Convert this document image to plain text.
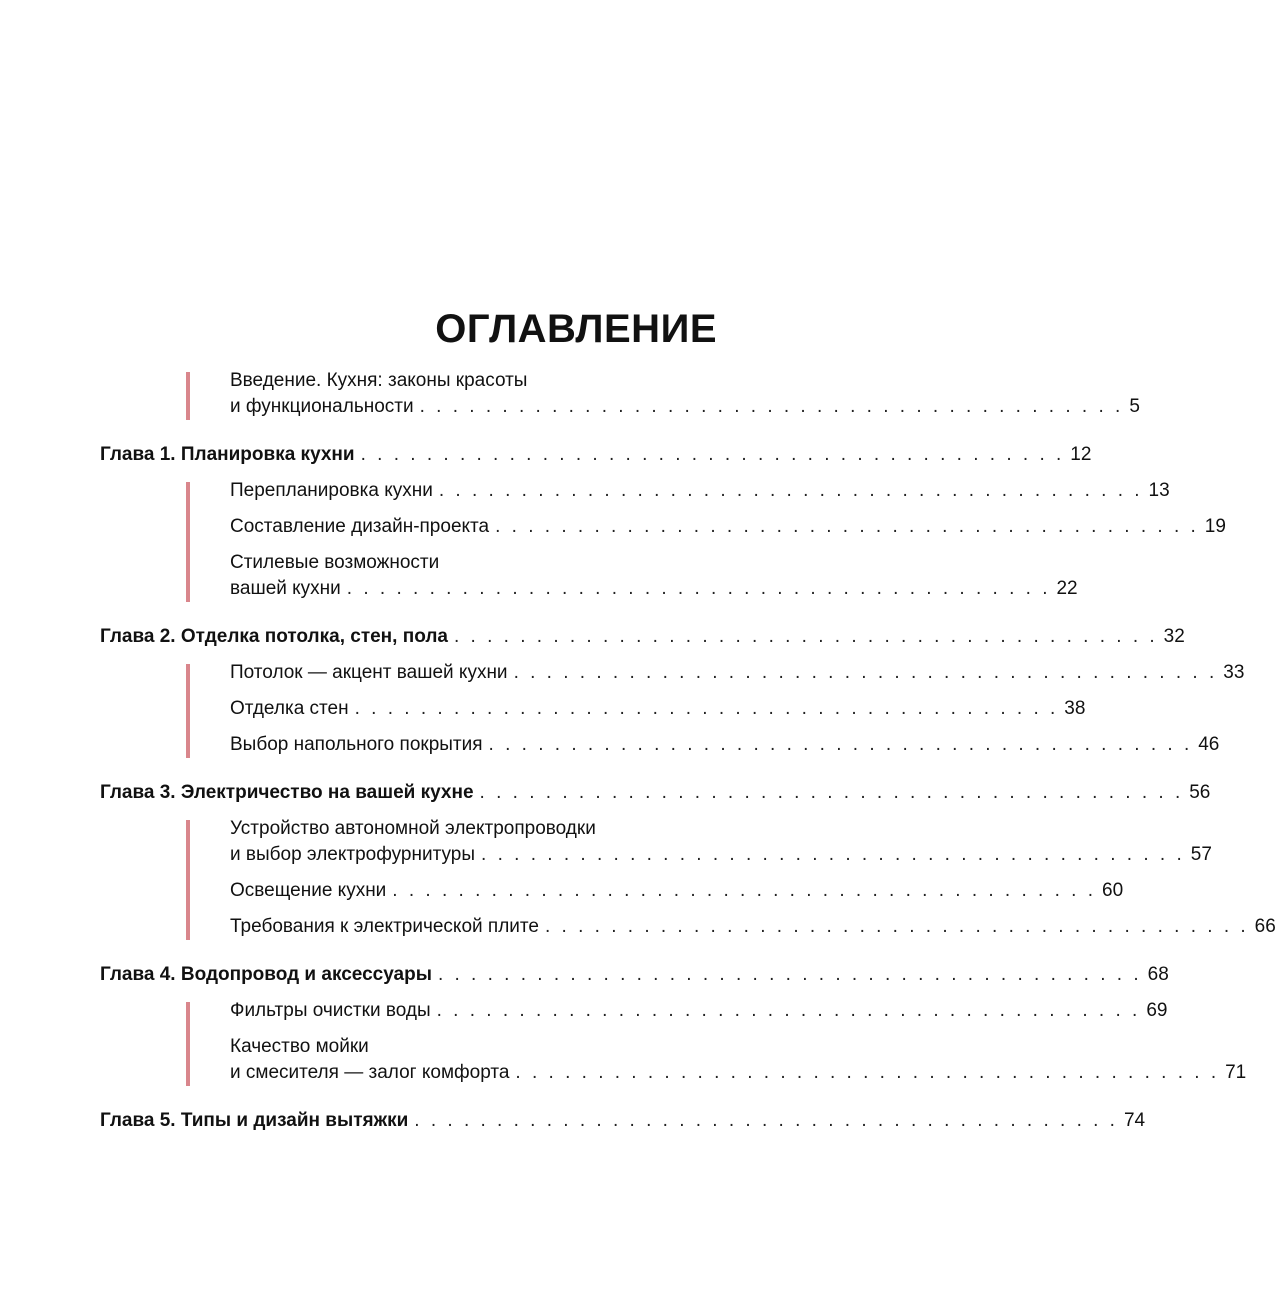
ОГЛАВЛЕНИЕ
Введение. Кухня: законы красоты
и функциональности . . . . . . . . . . . . . . . . . . . . . . . . . . . . . . . . . . . . . . . . . . . 5
Глава 1. Планировка кухни . . . . . . . . . . . . . . . . . . . . . . . . . . . . . . . . . . . . . . . . . . . 12
Перепланировка кухни . . . . . . . . . . . . . . . . . . . . . . . . . . . . . . . . . . . . . . . . . . . 13
Составление дизайн-проекта . . . . . . . . . . . . . . . . . . . . . . . . . . . . . . . . . . . . . . . . . . . 19
Стилевые возможности
вашей кухни . . . . . . . . . . . . . . . . . . . . . . . . . . . . . . . . . . . . . . . . . . . 22
Глава 2. Отделка потолка, стен, пола . . . . . . . . . . . . . . . . . . . . . . . . . . . . . . . . . . . . . . . . . . . 32
Потолок — акцент вашей кухни . . . . . . . . . . . . . . . . . . . . . . . . . . . . . . . . . . . . . . . . . . . 33
Отделка стен . . . . . . . . . . . . . . . . . . . . . . . . . . . . . . . . . . . . . . . . . . . 38
Выбор напольного покрытия . . . . . . . . . . . . . . . . . . . . . . . . . . . . . . . . . . . . . . . . . . . 46
Глава 3. Электричество на вашей кухне . . . . . . . . . . . . . . . . . . . . . . . . . . . . . . . . . . . . . . . . . . . 56
Устройство автономной электропроводки
и выбор электрофурнитуры . . . . . . . . . . . . . . . . . . . . . . . . . . . . . . . . . . . . . . . . . . . 57
Освещение кухни . . . . . . . . . . . . . . . . . . . . . . . . . . . . . . . . . . . . . . . . . . . 60
Требования к электрической плите . . . . . . . . . . . . . . . . . . . . . . . . . . . . . . . . . . . . . . . . . . . 66
Глава 4. Водопровод и аксессуары . . . . . . . . . . . . . . . . . . . . . . . . . . . . . . . . . . . . . . . . . . . 68
Фильтры очистки воды . . . . . . . . . . . . . . . . . . . . . . . . . . . . . . . . . . . . . . . . . . . 69
Качество мойки
и смесителя — залог комфорта . . . . . . . . . . . . . . . . . . . . . . . . . . . . . . . . . . . . . . . . . . . 71
Глава 5. Типы и дизайн вытяжки . . . . . . . . . . . . . . . . . . . . . . . . . . . . . . . . . . . . . . . . . . . 74
